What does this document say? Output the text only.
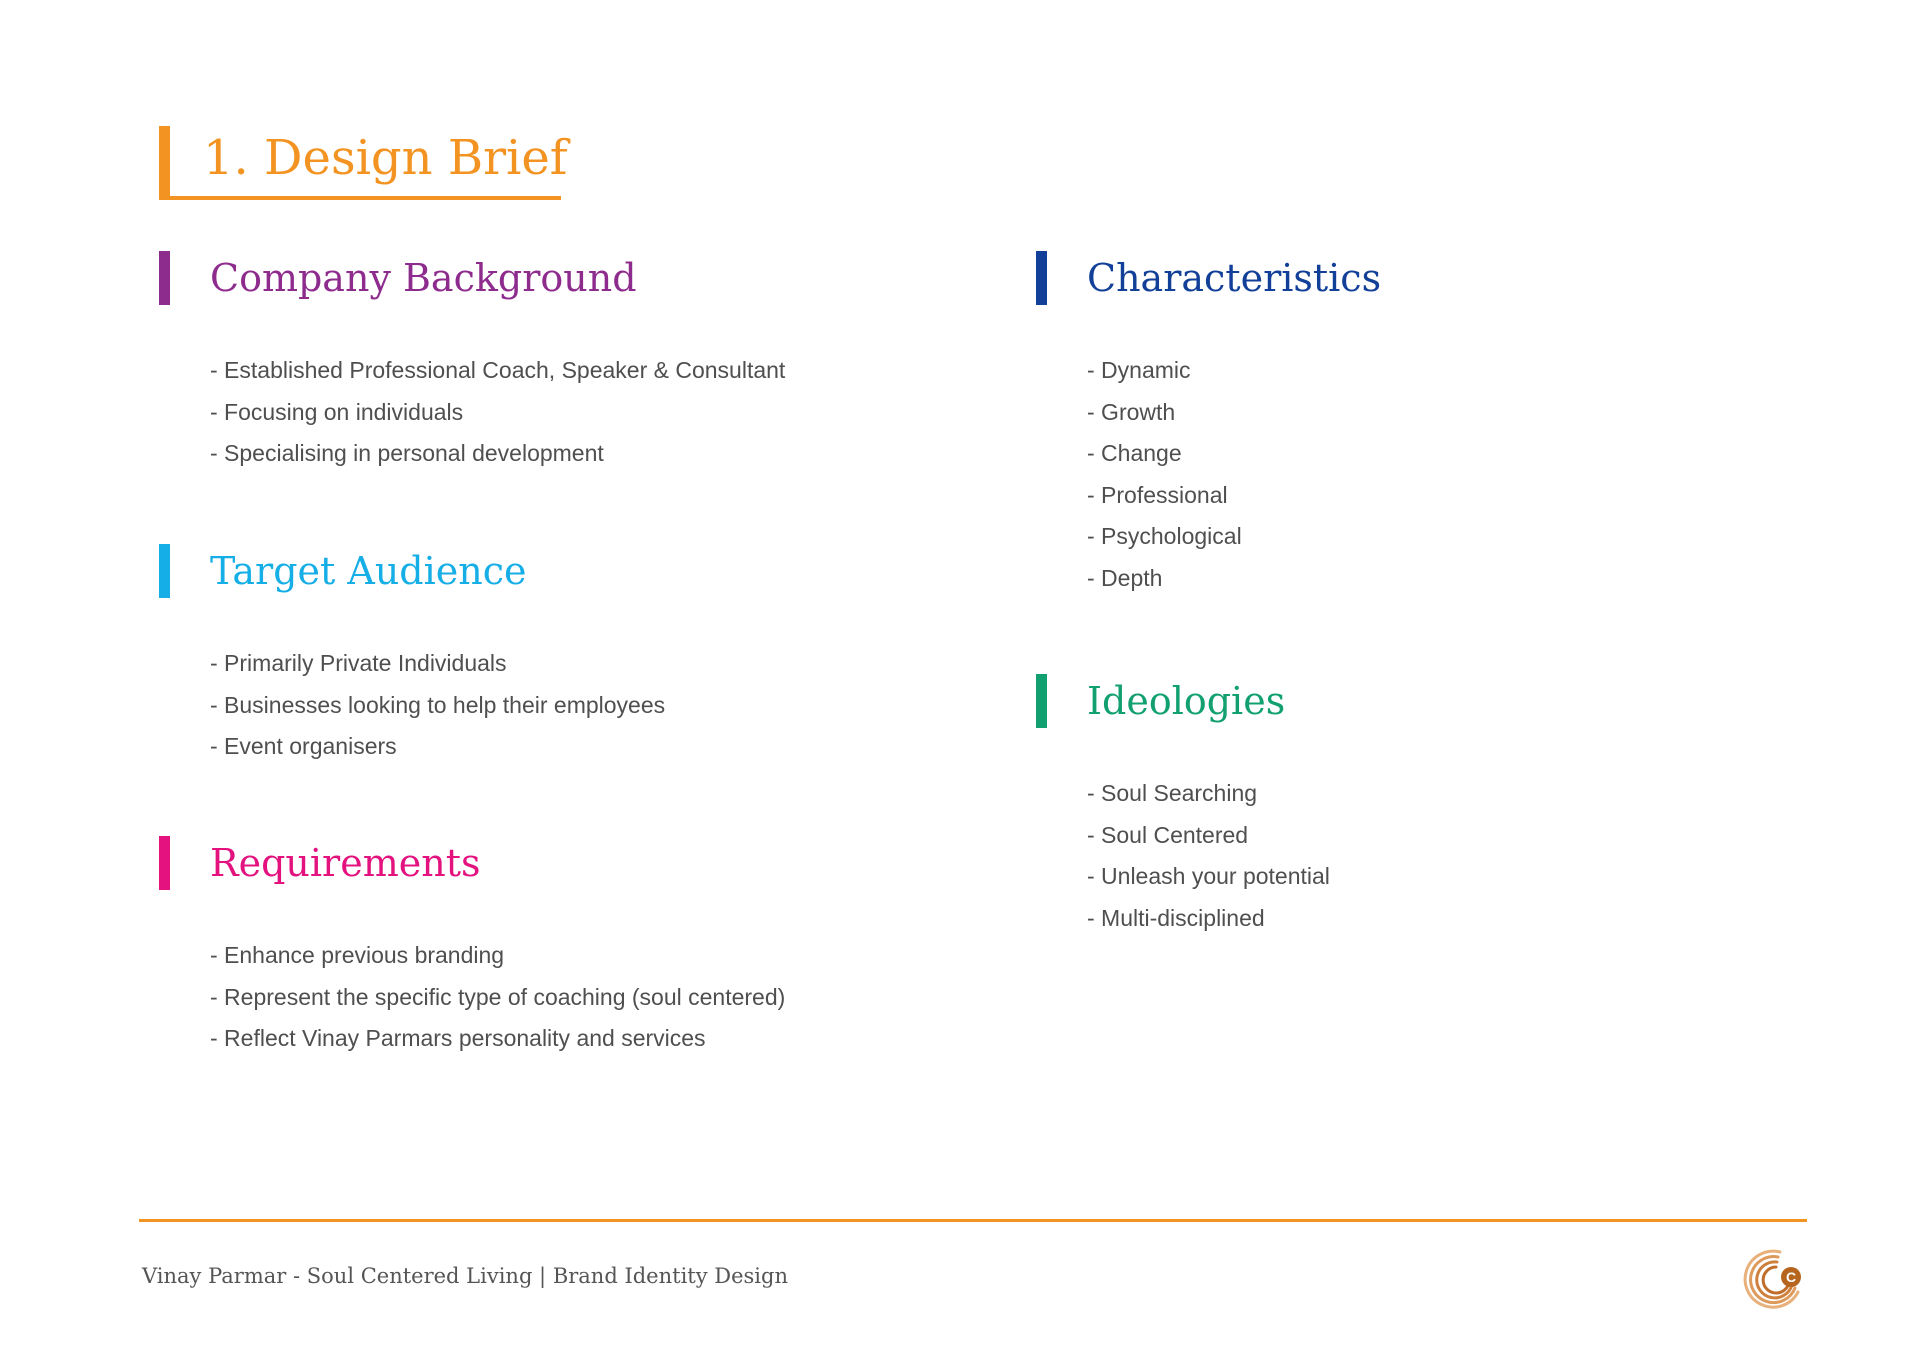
1. Design Brief
Company Background
- Established Professional Coach, Speaker & Consultant
- Focusing on individuals
- Specialising in personal development
Target Audience
- Primarily Private Individuals
- Businesses looking to help their employees
- Event organisers
Requirements
- Enhance previous branding
- Represent the specific type of coaching (soul centered)
- Reflect Vinay Parmars personality and services
Characteristics
- Dynamic
- Growth
- Change
- Professional
- Psychological
- Depth
Ideologies
- Soul Searching
- Soul Centered
- Unleash your potential
- Multi-disciplined

Vinay Parmar - Soul Centered Living | Brand Identity Design	C
